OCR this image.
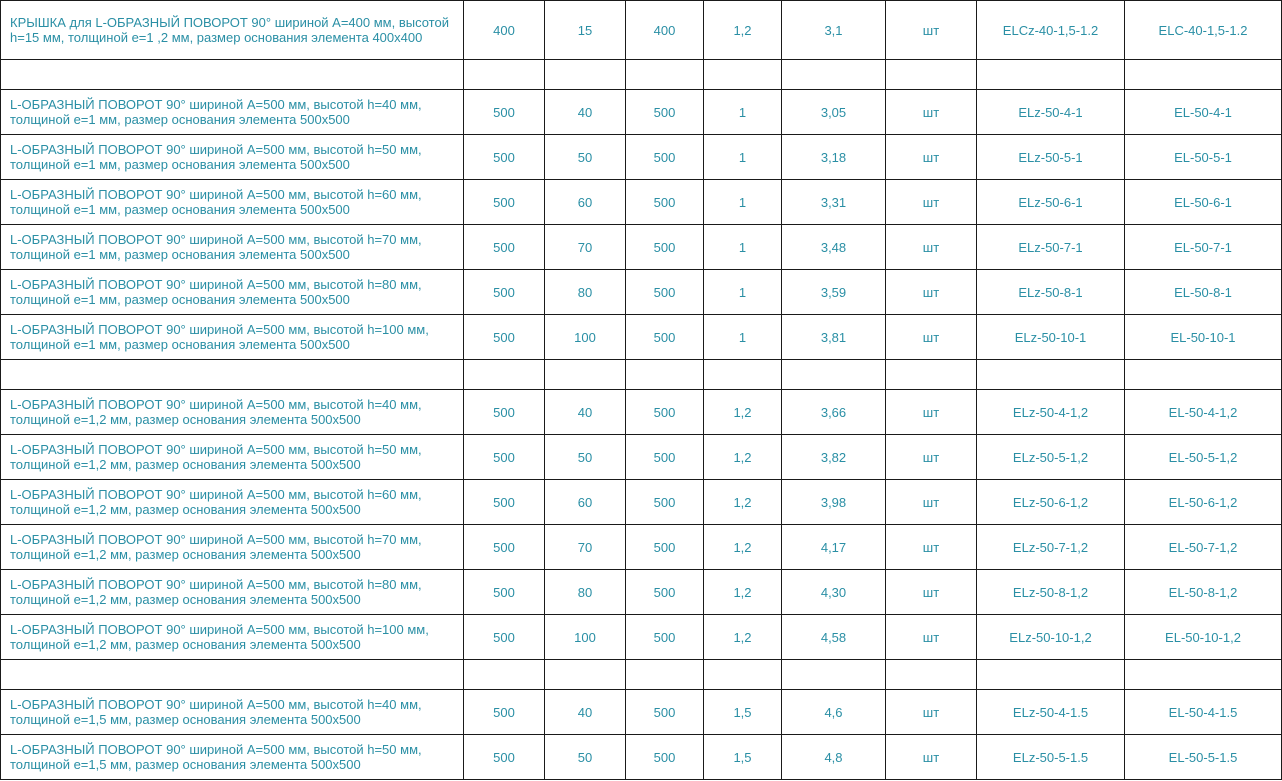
КРЫШКА для L-ОБРАЗНЫЙ ПОВОРОТ 90° шириной А=400 мм, высотой h=15 мм, толщиной e=1 ,2 мм, размер основания элемента 400х400	400	15	400	1,2	3,1	шт	ELCz-40-1,5-1.2	ELC-40-1,5-1.2

L-ОБРАЗНЫЙ ПОВОРОТ 90° шириной А=500 мм, высотой h=40 мм, толщиной e=1 мм, размер основания элемента 500х500	500	40	500	1	3,05	шт	ELz-50-4-1	EL-50-4-1
L-ОБРАЗНЫЙ ПОВОРОТ 90° шириной А=500 мм, высотой h=50 мм, толщиной e=1 мм, размер основания элемента 500х500	500	50	500	1	3,18	шт	ELz-50-5-1	EL-50-5-1
L-ОБРАЗНЫЙ ПОВОРОТ 90° шириной А=500 мм, высотой h=60 мм, толщиной e=1 мм, размер основания элемента 500х500	500	60	500	1	3,31	шт	ELz-50-6-1	EL-50-6-1
L-ОБРАЗНЫЙ ПОВОРОТ 90° шириной А=500 мм, высотой h=70 мм, толщиной e=1 мм, размер основания элемента 500х500	500	70	500	1	3,48	шт	ELz-50-7-1	EL-50-7-1
L-ОБРАЗНЫЙ ПОВОРОТ 90° шириной А=500 мм, высотой h=80 мм, толщиной e=1 мм, размер основания элемента 500х500	500	80	500	1	3,59	шт	ELz-50-8-1	EL-50-8-1
L-ОБРАЗНЫЙ ПОВОРОТ 90° шириной А=500 мм, высотой h=100 мм, толщиной e=1 мм, размер основания элемента 500х500	500	100	500	1	3,81	шт	ELz-50-10-1	EL-50-10-1

L-ОБРАЗНЫЙ ПОВОРОТ 90° шириной А=500 мм, высотой h=40 мм, толщиной e=1,2 мм, размер основания элемента 500х500	500	40	500	1,2	3,66	шт	ELz-50-4-1,2	EL-50-4-1,2
L-ОБРАЗНЫЙ ПОВОРОТ 90° шириной А=500 мм, высотой h=50 мм, толщиной e=1,2 мм, размер основания элемента 500х500	500	50	500	1,2	3,82	шт	ELz-50-5-1,2	EL-50-5-1,2
L-ОБРАЗНЫЙ ПОВОРОТ 90° шириной А=500 мм, высотой h=60 мм, толщиной e=1,2 мм, размер основания элемента 500х500	500	60	500	1,2	3,98	шт	ELz-50-6-1,2	EL-50-6-1,2
L-ОБРАЗНЫЙ ПОВОРОТ 90° шириной А=500 мм, высотой h=70 мм, толщиной e=1,2 мм, размер основания элемента 500х500	500	70	500	1,2	4,17	шт	ELz-50-7-1,2	EL-50-7-1,2
L-ОБРАЗНЫЙ ПОВОРОТ 90° шириной А=500 мм, высотой h=80 мм, толщиной e=1,2 мм, размер основания элемента 500х500	500	80	500	1,2	4,30	шт	ELz-50-8-1,2	EL-50-8-1,2
L-ОБРАЗНЫЙ ПОВОРОТ 90° шириной А=500 мм, высотой h=100 мм, толщиной e=1,2 мм, размер основания элемента 500х500	500	100	500	1,2	4,58	шт	ELz-50-10-1,2	EL-50-10-1,2

L-ОБРАЗНЫЙ ПОВОРОТ 90° шириной А=500 мм, высотой h=40 мм, толщиной e=1,5 мм, размер основания элемента 500х500	500	40	500	1,5	4,6	шт	ELz-50-4-1.5	EL-50-4-1.5
L-ОБРАЗНЫЙ ПОВОРОТ 90° шириной А=500 мм, высотой h=50 мм, толщиной e=1,5 мм, размер основания элемента 500х500	500	50	500	1,5	4,8	шт	ELz-50-5-1.5	EL-50-5-1.5
